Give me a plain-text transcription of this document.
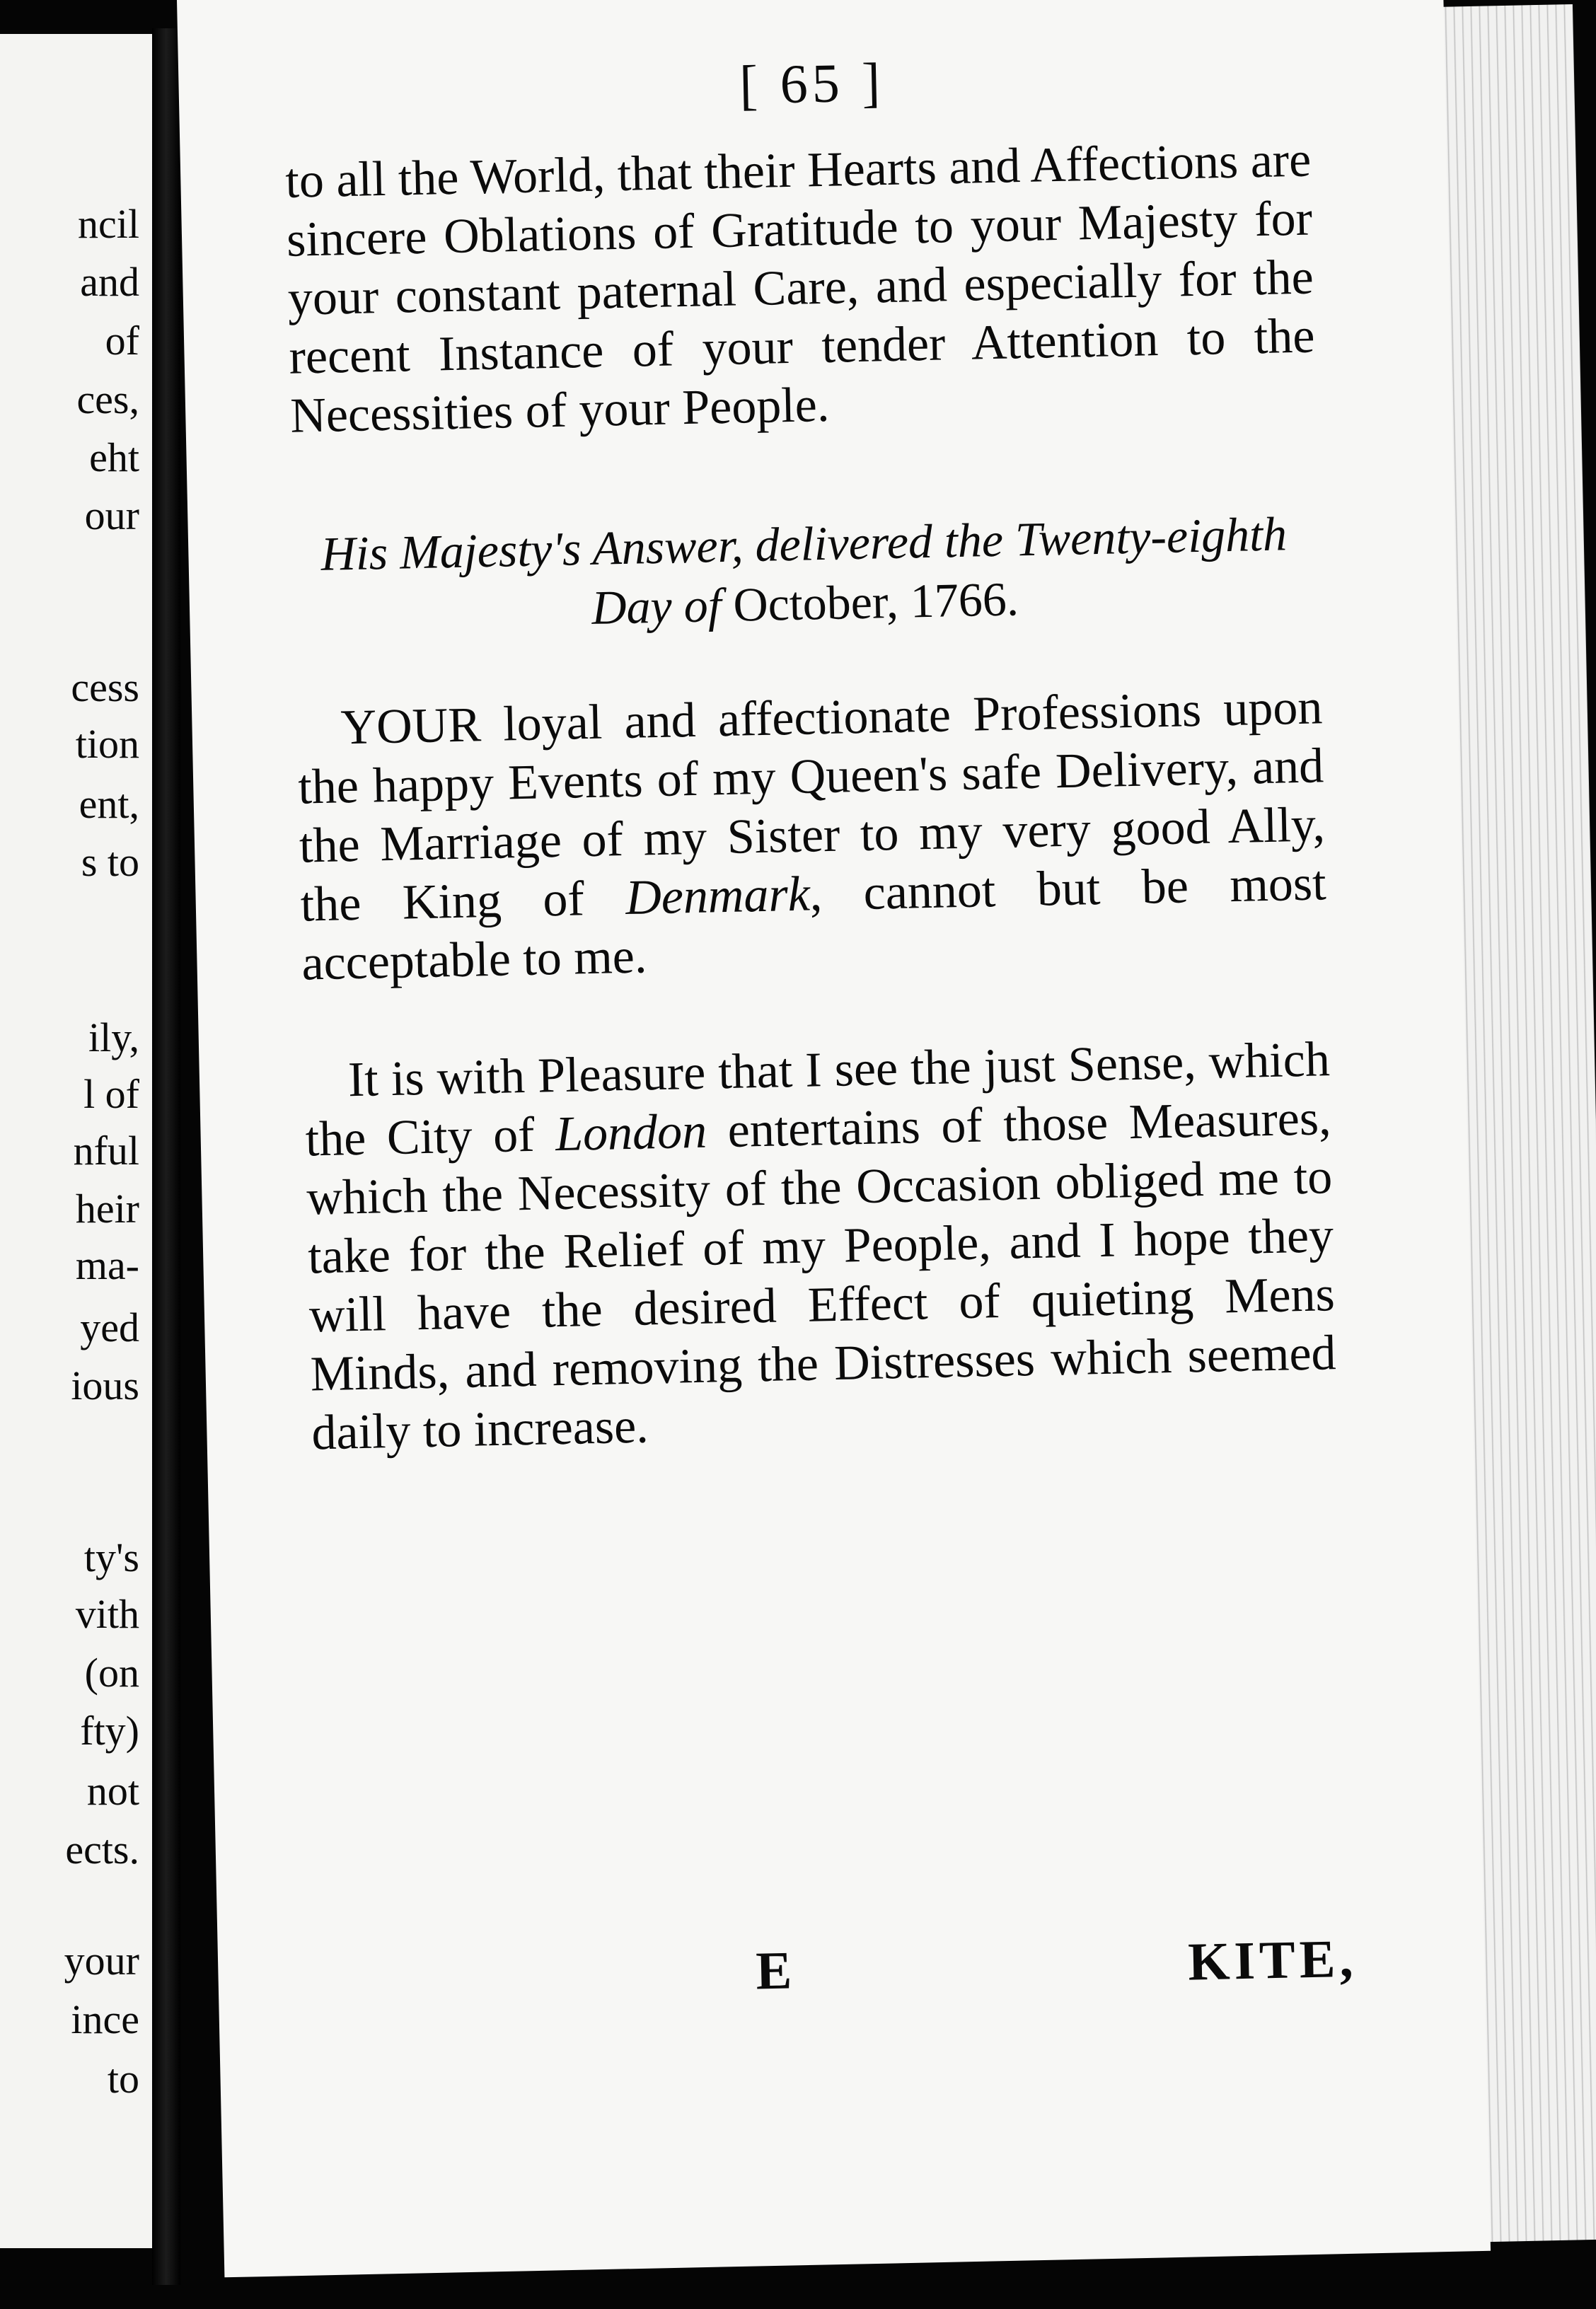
ncil
and
of
ces,
eht
our
cess
tion
ent,
s to
ily,
l of
nful
heir
ma-
yed
ious
ty's
vith
(on
fty)
not
ects.
your
ince
to
[ 65 ]

to all the World, that their Hearts and Affections are sincere Oblations of Gratitude to your Majesty for your constant paternal Care, and especially for the recent Instance of your tender Attention to the Necessities of your People.

His Majesty's Answer, delivered the Twenty-eighth
Day of October, 1766.

YOUR loyal and affectionate Professions upon the happy Events of my Queen's safe Delivery, and the Marriage of my Sister to my very good Ally, the King of Denmark, cannot but be most acceptable to me.

It is with Pleasure that I see the just Sense, which the City of London entertains of those Measures, which the Necessity of the Occasion obliged me to take for the Relief of my People, and I hope they will have the desired Effect of quieting Mens Minds, and removing the Distresses which seemed daily to increase.

E	KITE,
